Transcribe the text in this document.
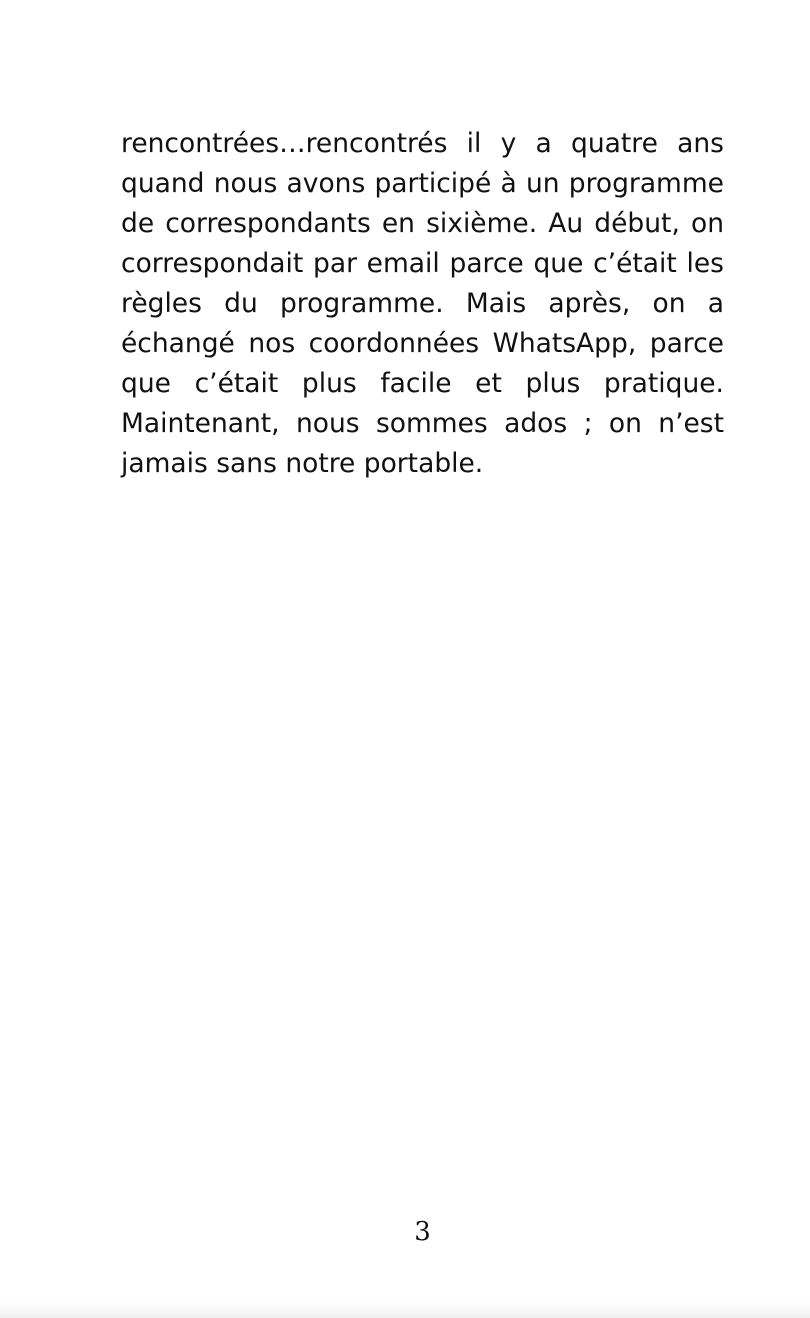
rencontrées…rencontrés il y a quatre ans quand nous avons participé à un programme de correspondants en sixième. Au début, on correspondait par email parce que c’était les règles du programme. Mais après, on a échangé nos coordonnées WhatsApp, parce que c’était plus facile et plus pratique. Maintenant, nous sommes ados ; on n’est jamais sans notre portable.

3
